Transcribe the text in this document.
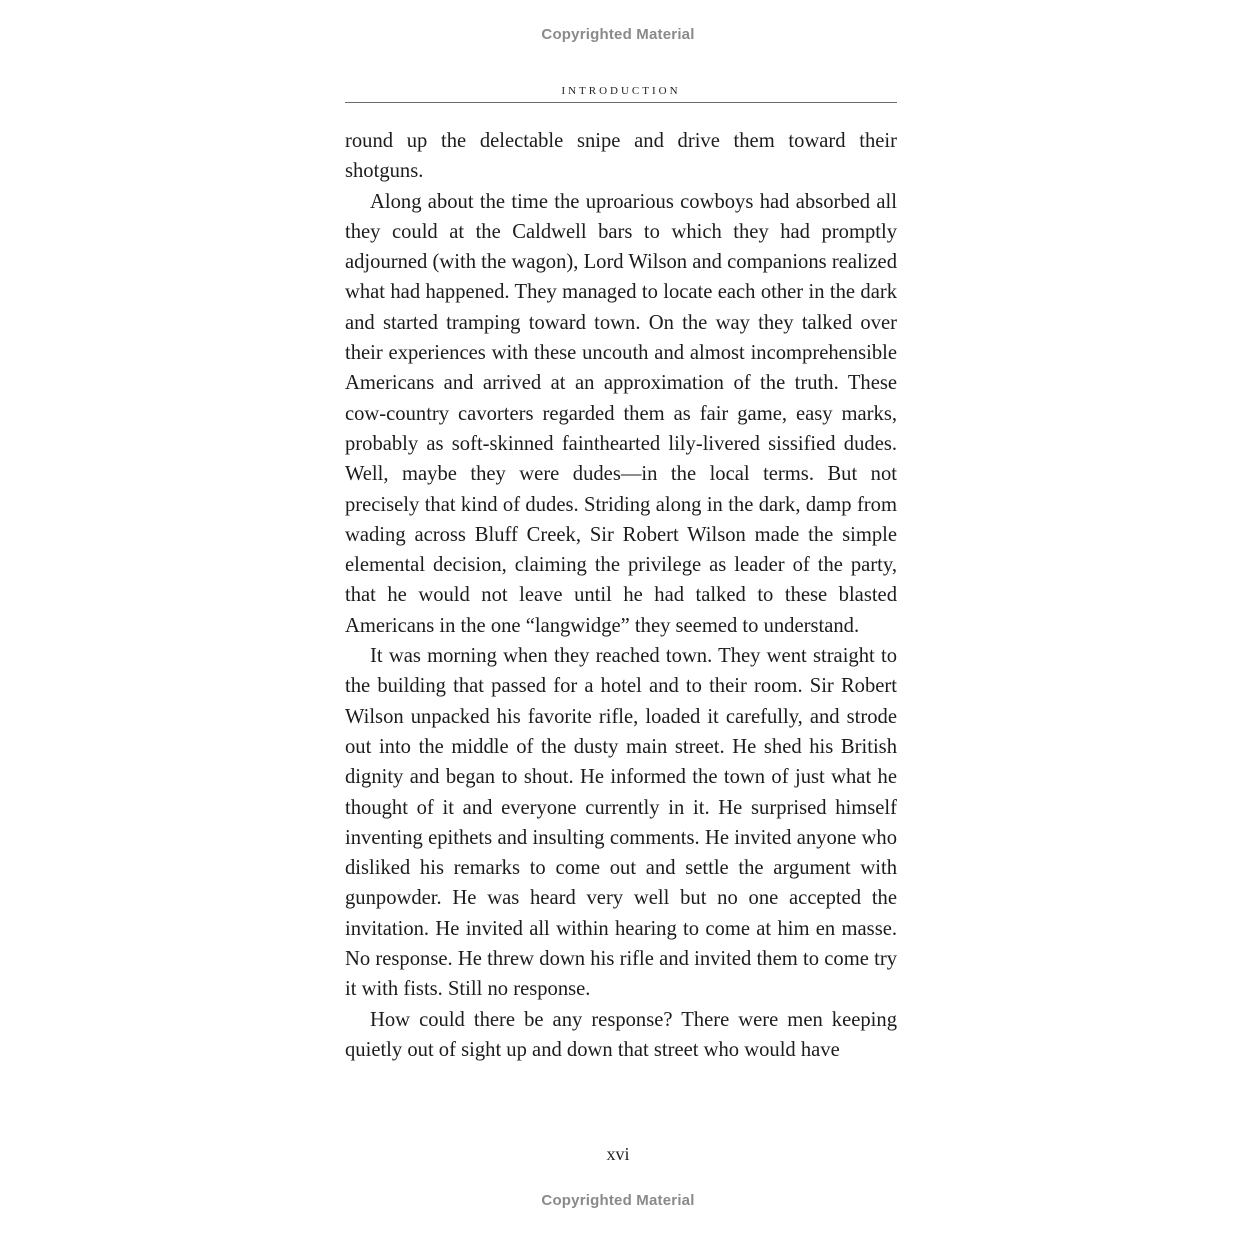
Copyrighted Material
introduction

round up the delectable snipe and drive them toward their shotguns.

Along about the time the uproarious cowboys had absorbed all they could at the Caldwell bars to which they had promptly adjourned (with the wagon), Lord Wilson and companions realized what had happened. They managed to locate each other in the dark and started tramping toward town. On the way they talked over their experiences with these uncouth and almost incomprehensible Americans and arrived at an approximation of the truth. These cow-country cavorters regarded them as fair game, easy marks, probably as soft-skinned fainthearted lily-livered sissified dudes. Well, maybe they were dudes—in the local terms. But not precisely that kind of dudes. Striding along in the dark, damp from wading across Bluff Creek, Sir Robert Wilson made the simple elemental decision, claiming the privilege as leader of the party, that he would not leave until he had talked to these blasted Americans in the one “langwidge” they seemed to understand.

It was morning when they reached town. They went straight to the building that passed for a hotel and to their room. Sir Robert Wilson unpacked his favorite rifle, loaded it carefully, and strode out into the middle of the dusty main street. He shed his British dignity and began to shout. He informed the town of just what he thought of it and everyone currently in it. He surprised himself inventing epithets and insulting comments. He invited anyone who disliked his remarks to come out and settle the argument with gunpowder. He was heard very well but no one accepted the invitation. He invited all within hearing to come at him en masse. No response. He threw down his rifle and invited them to come try it with fists. Still no response.

How could there be any response? There were men keeping quietly out of sight up and down that street who would have

xvi
Copyrighted Material
